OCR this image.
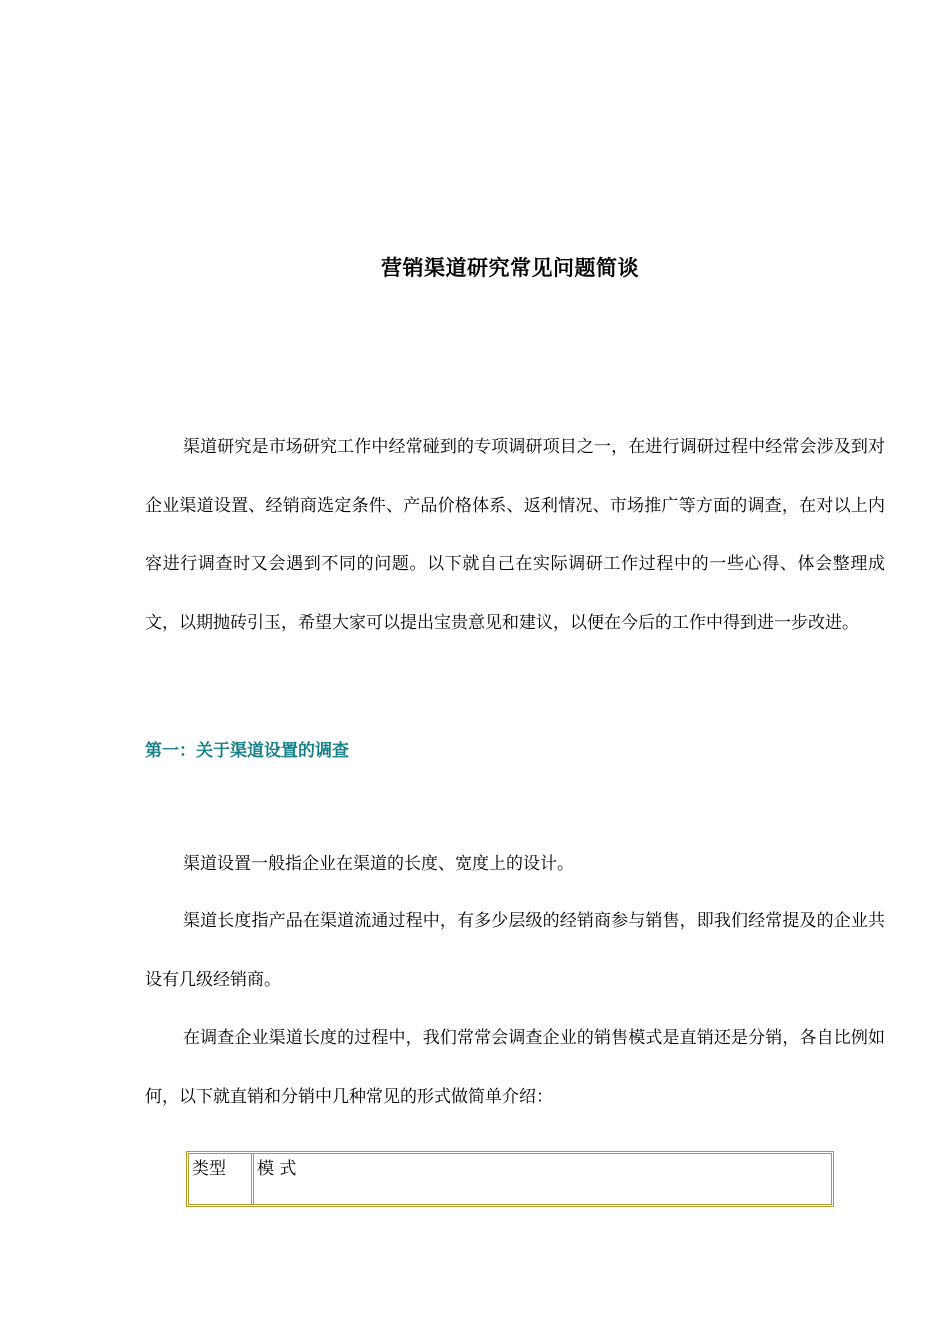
营销渠道研究常见问题简谈

渠道研究是市场研究工作中经常碰到的专项调研项目之一，在进行调研过程中经常会涉及到对企业渠道设置、经销商选定条件、产品价格体系、返利情况、市场推广等方面的调查，在对以上内容进行调查时又会遇到不同的问题。以下就自己在实际调研工作过程中的一些心得、体会整理成文，以期抛砖引玉，希望大家可以提出宝贵意见和建议，以便在今后的工作中得到进一步改进。

第一：关于渠道设置的调查

渠道设置一般指企业在渠道的长度、宽度上的设计。

渠道长度指产品在渠道流通过程中，有多少层级的经销商参与销售，即我们经常提及的企业共设有几级经销商。

在调查企业渠道长度的过程中，我们常常会调查企业的销售模式是直销还是分销，各自比例如何，以下就直销和分销中几种常见的形式做简单介绍：

类型	模 式
